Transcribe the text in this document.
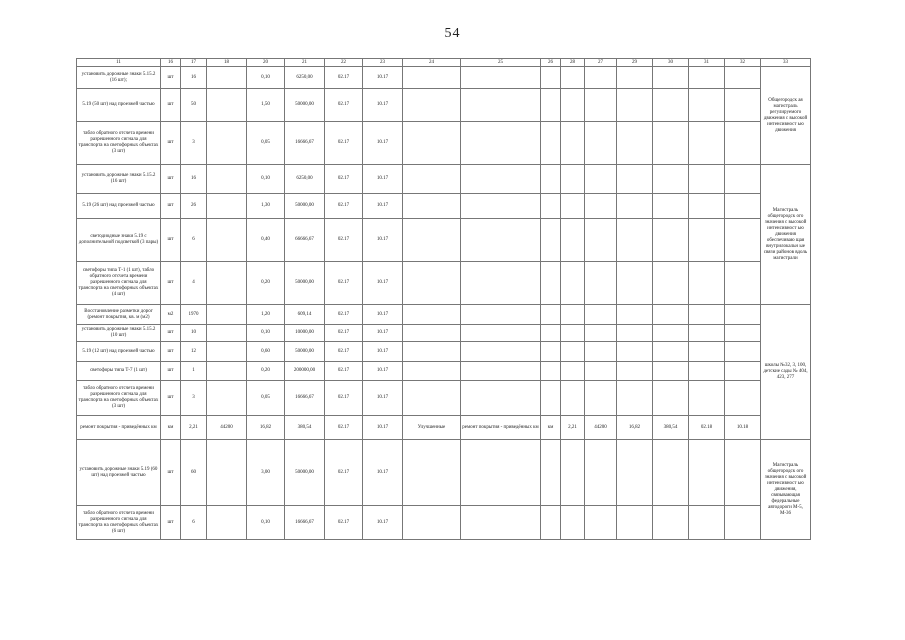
54
11	16	17	18	20	21	22	23	24	25	26	28	27	29	30	31	32	33
установить дорожные знаки 5.15.2 (16 шт);	шт	16		0,10	6250,00	02.17	10.17										Общегородск ая магистраль регулируемого движения с высокой интенсивност ью движения
5.19 (50 шт) над проезжей частью	шт	50		1,50	50000,00	02.17	10.17										
табло обратного отсчета времени разрешенного сигнала для транспорта на светофорных объектах (3 шт)	шт	3		0,05	16666,67	02.17	10.17										
установить дорожные знаки 5.15.2 (16 шт)	шт	16		0,10	6250,00	02.17	10.17										Магистраль общегородск ого значения с высокой интенсивност ью движения обеспечиваю щая внутрилокальн ые связи районов вдоль магистрали
5.19 (26 шт) над проезжей частью	шт	26		1,30	50000,00	02.17	10.17										
светодиодные знаки 5.19 с дополнительной подсветкой (3 пары)	шт	6		0,40	66666,67	02.17	10.17										
светофоры типа Т-1 (1 шт), табло обратного отсчета времени разрешенного сигнала для транспорта на светофорных объектах (4 шт)	шт	4		0,20	50000,00	02.17	10.17										
Восстановление разметки дорог (ремонт покрытия, кв. м (м2)	м2	1970		1,20	609,14	02.17	10.17										школы №32, 3, 100, детские сады № 404, 423, 277
установить дорожные знаки 5.15.2 (10 шт)	шт	10		0,10	10000,00	02.17	10.17										
5.19 (12 шт) над проезжей частью	шт	12		0,60	50000,00	02.17	10.17										
светофоры типа Т-7 (1 шт)	шт	1		0,20	200000,00	02.17	10.17										
табло обратного отсчета времени разрешенного сигнала для транспорта на светофорных объектах (3 шт)	шт	3		0,05	16666,67	02.17	10.17										
ремонт покрытия - приведённых км	км	2,21	44200	16,82	380,54	02.17	10.17	Улучшенные	ремонт покрытия - приведённых км	км	2,21	44200	16,82	380,54	02.18	10.18	
установить дорожные знаки 5.19 (60 шт) над проезжей частью	шт	60		3,00	50000,00	02.17	10.17										Магистраль общегородск ого значения с высокой интенсивност ью движения, связывающая федеральные автодороги М-5, М-36
табло обратного отсчета времени разрешенного сигнала для транспорта на светофорных объектах (6 шт)	шт	6		0,10	16666,67	02.17	10.17										
